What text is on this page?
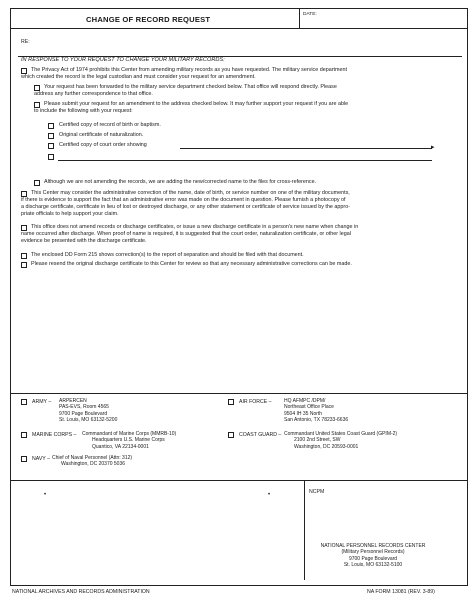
CHANGE OF RECORD REQUEST
DATE:
RE:
IN RESPONSE TO YOUR REQUEST TO CHANGE YOUR MILITARY RECORDS:

The Privacy Act of 1974 prohibits this Center from amending military records as you have requested. The military service department

which created the record is the legal custodian and must consider your request for an amendment.

Your request has been forwarded to the military service department checked below. That office will respond directly. Please

address any further correspondence to that office.

Please submit your request for an amendment to the address checked below. It may further support your request if you are able

to include the following with your request:

Certified copy of record of birth or baptism.
Original certificate of naturalization.
Certified copy of court order showing	▸
Although we are not amending the records, we are adding the new/corrected name to the files for cross-reference.

This Center may consider the administrative correction of the name, date of birth, or service number on one of the military documents,

if there is evidence to support the fact that an administrative error was made on the document in question. Please furnish a photocopy of

a discharge certificate, certificate in lieu of lost or destroyed discharge, or any other statement or certificate of service issued by the appro-

priate officials to help support your claim.

This office does not amend records or discharge certificates, or issue a new discharge certificate in a person's new name when change in

name occurred after discharge. When proof of name is required, it is suggested that the court order, naturalization certificate, or other legal

evidence be presented with the discharge certificate.

The enclosed DD Form 215 shows correction(s) to the report of separation and should be filed with that document.
Please resend the original discharge certificate to this Center for review so that any necessary administrative corrections can be made.
ARMY – ARPERCEN

PAS-EVS, Room 4565

9700 Page Boulevard

St. Louis, MO 63132-5200

AIR FORCE – HQ AFMPC /DPM/

Northeast Office Place

9504 IH 35 North

San Antonio, TX 78233-6636

MARINE CORPS – Commandant of Marine Corps (MMRB-10)

Headquarters U.S. Marine Corps

Quantico, VA 22134-0001

COAST GUARD – Commandant United States Coast Guard (GPIM-2)

2100 2nd Street, SW

Washington, DC 20593-0001

NAVY – Chief of Naval Personnel (Attn: 312)

Washington, DC 20370 5036

•	•	NCPM

NATIONAL PERSONNEL RECORDS CENTER

(Military Personnel Records)

9700 Page Boulevard

St. Louis, MO 63132-5100

NATIONAL ARCHIVES AND RECORDS ADMINISTRATION	NA FORM 13081 (REV. 3-89)
